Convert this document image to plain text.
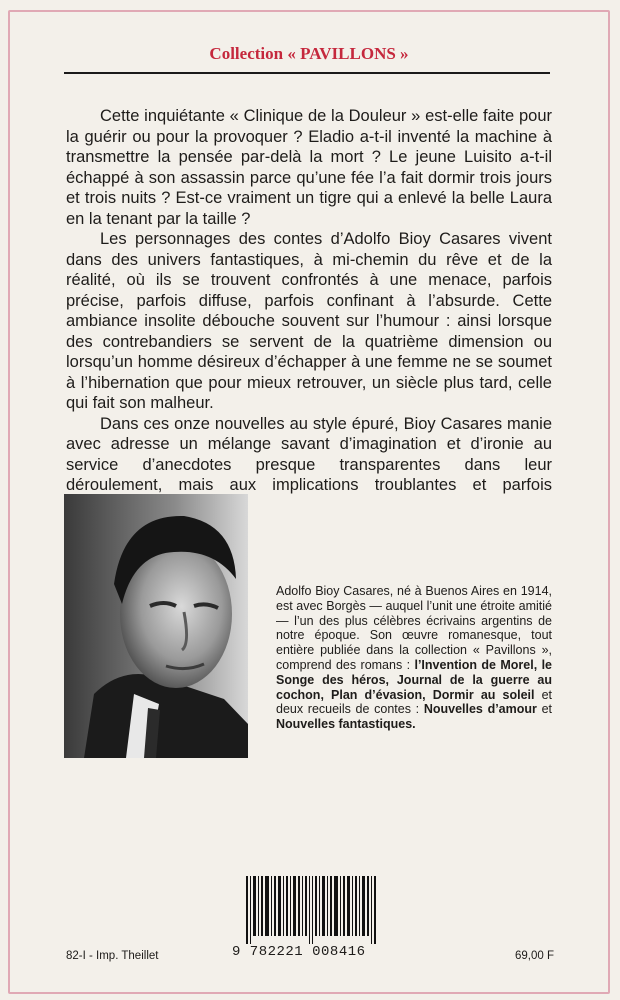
Collection « PAVILLONS »

Cette inquiétante « Clinique de la Douleur » est-elle faite pour la guérir ou pour la provoquer ? Eladio a-t-il inventé la machine à transmettre la pensée par-delà la mort ? Le jeune Luisito a-t-il échappé à son assassin parce qu’une fée l’a fait dormir trois jours et trois nuits ? Est-ce vraiment un tigre qui a enlevé la belle Laura en la tenant par la taille ?

Les personnages des contes d’Adolfo Bioy Casares vivent dans des univers fantastiques, à mi-chemin du rêve et de la réalité, où ils se trouvent confrontés à une menace, parfois précise, parfois diffuse, parfois confinant à l’absurde. Cette ambiance insolite débouche souvent sur l’humour : ainsi lorsque des contrebandiers se servent de la quatrième dimension ou lorsqu’un homme désireux d’échapper à une femme ne se soumet à l’hibernation que pour mieux retrouver, un siècle plus tard, celle qui fait son malheur.

Dans ces onze nouvelles au style épuré, Bioy Casares manie avec adresse un mélange savant d’imagination et d’ironie au service d’anecdotes presque transparentes dans leur déroulement, mais aux implications troublantes et parfois

Adolfo Bioy Casares, né à Buenos Aires en 1914, est avec Borgès — auquel l’unit une étroite amitié — l’un des plus célèbres écrivains argentins de notre époque. Son œuvre romanesque, tout entière publiée dans la collection « Pavillons », comprend des romans : l’Invention de Morel, le Songe des héros, Journal de la guerre au cochon, Plan d’évasion, Dormir au soleil et deux recueils de contes : Nouvelles d’amour et Nouvelles fantastiques.
9 782221 008416
82-I - Imp. Theillet	69,00 F
